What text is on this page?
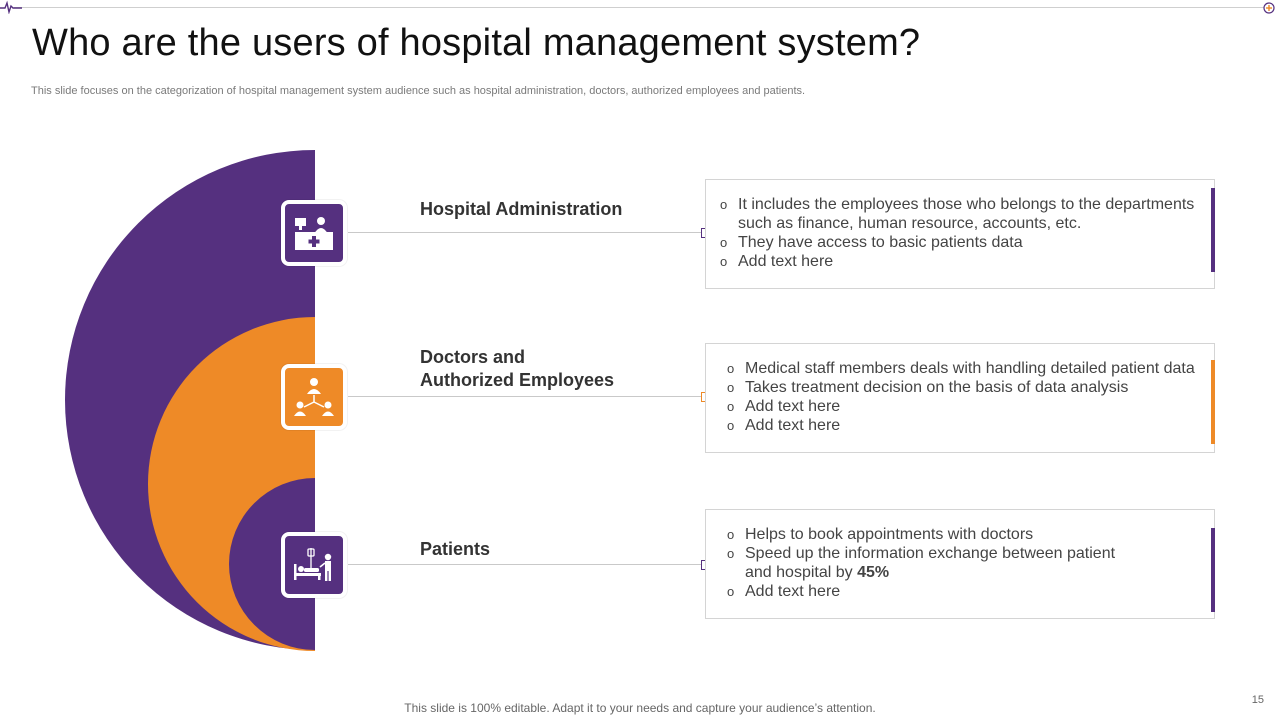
Who are the users of hospital management system?

This slide focuses on the categorization of hospital management system audience such as hospital administration, doctors, authorized employees and patients.

Hospital Administration
Doctors and
Authorized Employees
Patients
o It includes the employees those who belongs to the departments
such as finance, human resource, accounts, etc.
o They have access to basic patients data
o Add text here
o Medical staff members deals with handling detailed patient data
o Takes treatment decision on the basis of data analysis
o Add text here
o Add text here
o Helps to book appointments with doctors
o Speed up the information exchange between patient
and hospital by 45%
o Add text here
This slide is 100% editable. Adapt it to your needs and capture your audience’s attention.
15
